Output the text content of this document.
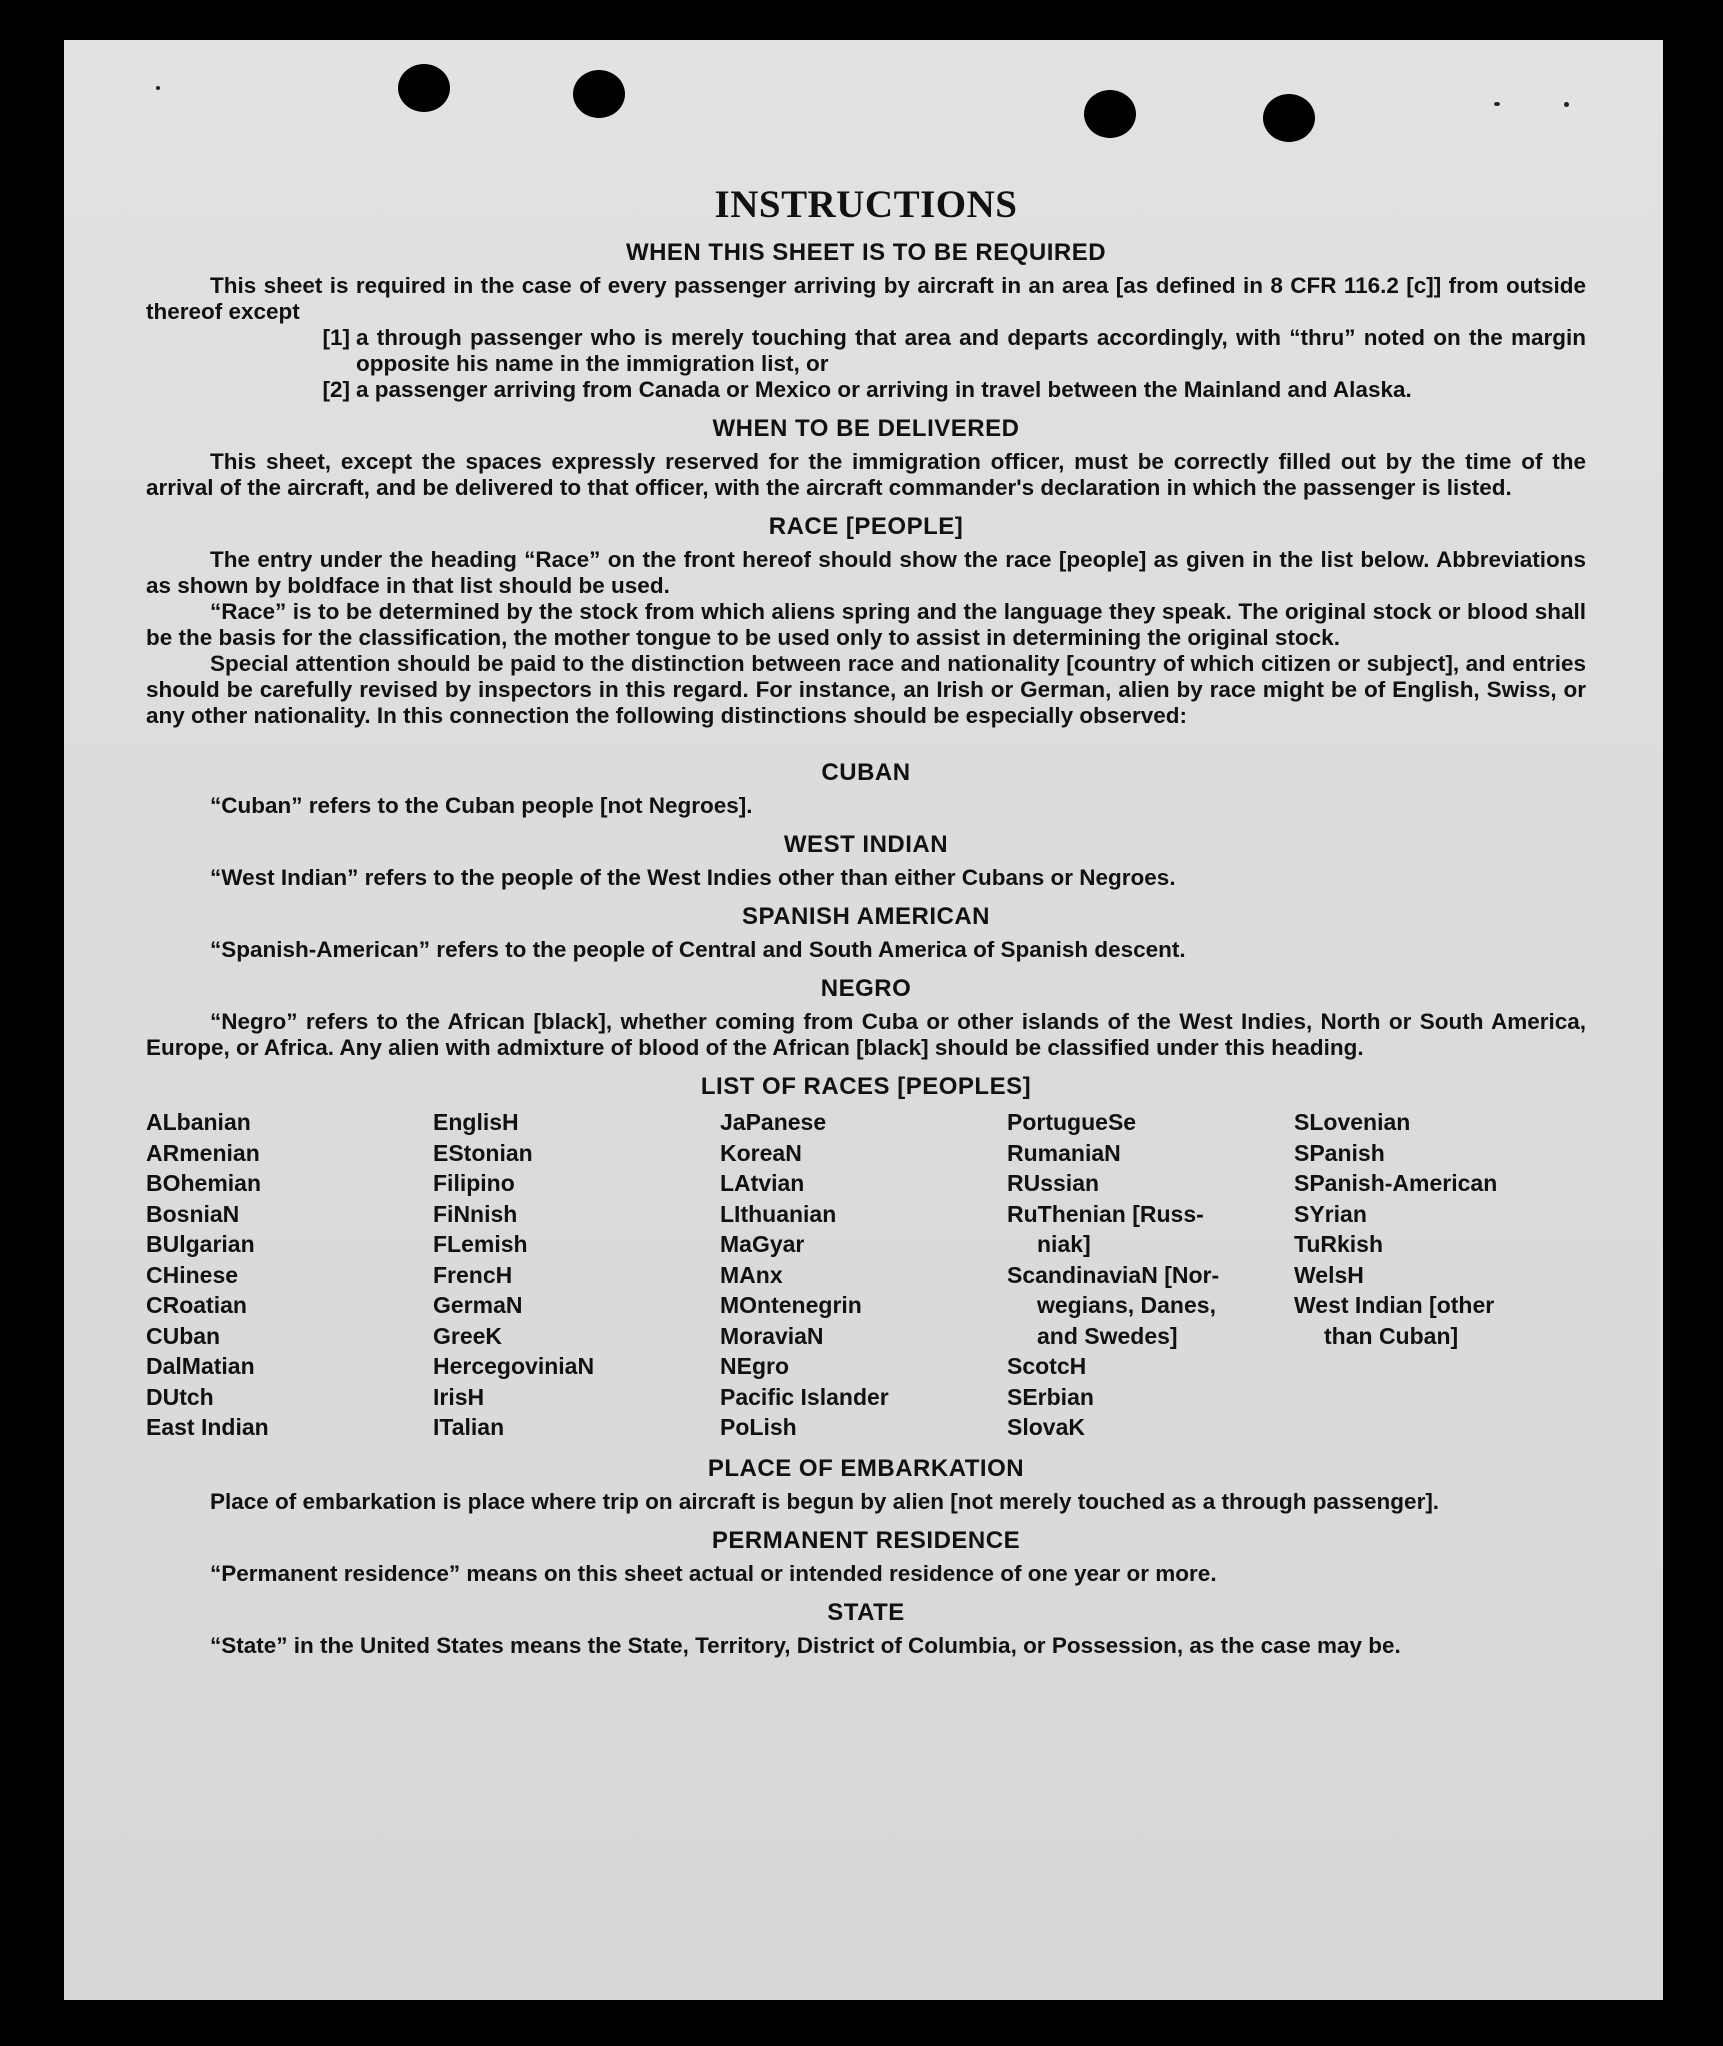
INSTRUCTIONS
WHEN THIS SHEET IS TO BE REQUIRED

This sheet is required in the case of every passenger arriving by aircraft in an area [as defined in 8 CFR 116.2 [c]] from outside thereof except

[1] a through passenger who is merely touching that area and departs accordingly, with “thru” noted on the margin opposite his name in the immigration list, or
[2] a passenger arriving from Canada or Mexico or arriving in travel between the Mainland and Alaska.
WHEN TO BE DELIVERED

This sheet, except the spaces expressly reserved for the immigration officer, must be correctly filled out by the time of the arrival of the aircraft, and be delivered to that officer, with the aircraft commander's declaration in which the passenger is listed.

RACE [PEOPLE]

The entry under the heading “Race” on the front hereof should show the race [people] as given in the list below. Abbreviations as shown by boldface in that list should be used.

“Race” is to be determined by the stock from which aliens spring and the language they speak. The original stock or blood shall be the basis for the classification, the mother tongue to be used only to assist in determining the original stock.

Special attention should be paid to the distinction between race and nationality [country of which citizen or subject], and entries should be carefully revised by inspectors in this regard. For instance, an Irish or German, alien by race might be of English, Swiss, or any other nationality. In this connection the following distinctions should be especially observed:

CUBAN

“Cuban” refers to the Cuban people [not Negroes].

WEST INDIAN

“West Indian” refers to the people of the West Indies other than either Cubans or Negroes.

SPANISH AMERICAN

“Spanish-American” refers to the people of Central and South America of Spanish descent.

NEGRO

“Negro” refers to the African [black], whether coming from Cuba or other islands of the West Indies, North or South America, Europe, or Africa. Any alien with admixture of blood of the African [black] should be classified under this heading.

LIST OF RACES [PEOPLES]
ALbanian
ARmenian
BOhemian
BosniaN
BUlgarian
CHinese
CRoatian
CUban
DalMatian
DUtch
East Indian
EnglisH
EStonian
Filipino
FiNnish
FLemish
FrencH
GermaN
GreeK
HercegoviniaN
IrisH
ITalian
JaPanese
KoreaN
LAtvian
LIthuanian
MaGyar
MAnx
MOntenegrin
MoraviaN
NEgro
Pacific Islander
PoLish
PortugueSe
RumaniaN
RUssian
RuThenian [Russ-
niak]
ScandinaviaN [Nor-
wegians, Danes,
and Swedes]
ScotcH
SErbian
SlovaK
SLovenian
SPanish
SPanish-American
SYrian
TuRkish
WelsH
West Indian [other
than Cuban]
PLACE OF EMBARKATION

Place of embarkation is place where trip on aircraft is begun by alien [not merely touched as a through passenger].

PERMANENT RESIDENCE

“Permanent residence” means on this sheet actual or intended residence of one year or more.

STATE

“State” in the United States means the State, Territory, District of Columbia, or Possession, as the case may be.
